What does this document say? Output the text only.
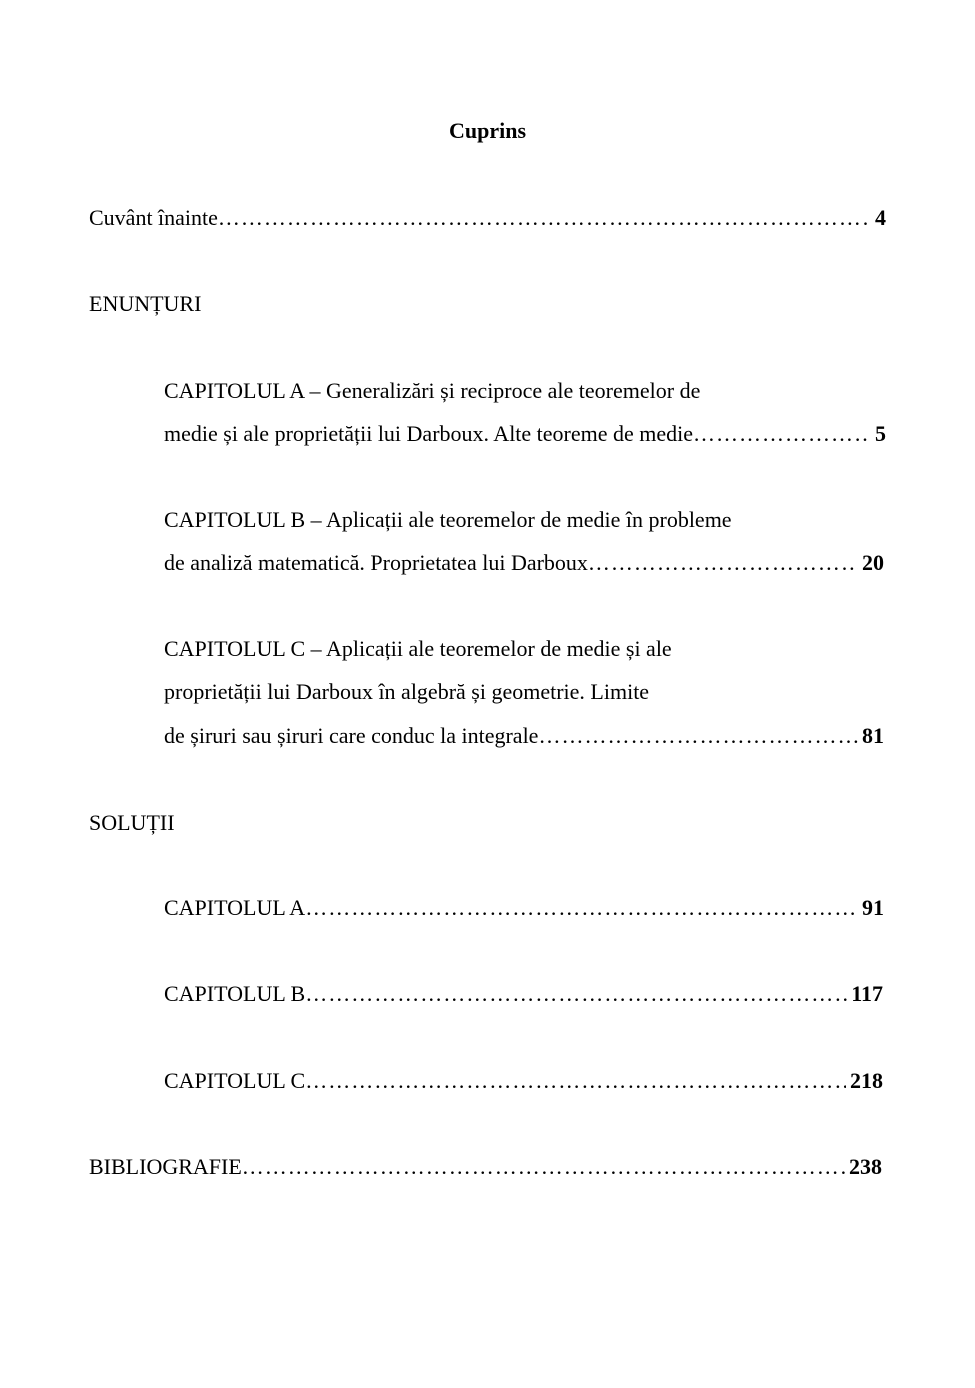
Cuprins
Cuvânt înainte ……………………………………………………………………………………………………………………	4
ENUNȚURI
CAPITOLUL A – Generalizări și reciproce ale teoremelor de
medie și ale proprietății lui Darboux. Alte teoreme de medie ……………………………………………………………………………………………………………………	5
CAPITOLUL B – Aplicații ale teoremelor de medie în probleme
de analiză matematică. Proprietatea lui Darboux ……………………………………………………………………………………………………………………	20
CAPITOLUL C – Aplicații ale teoremelor de medie și ale
proprietății lui Darboux în algebră și geometrie. Limite
de șiruri sau șiruri care conduc la integrale ……………………………………………………………………………………………………………………	81
SOLUȚII
CAPITOLUL A ……………………………………………………………………………………………………………………	91
CAPITOLUL B ……………………………………………………………………………………………………………………	117
CAPITOLUL C ……………………………………………………………………………………………………………………	218
BIBLIOGRAFIE ……………………………………………………………………………………………………………………	238
